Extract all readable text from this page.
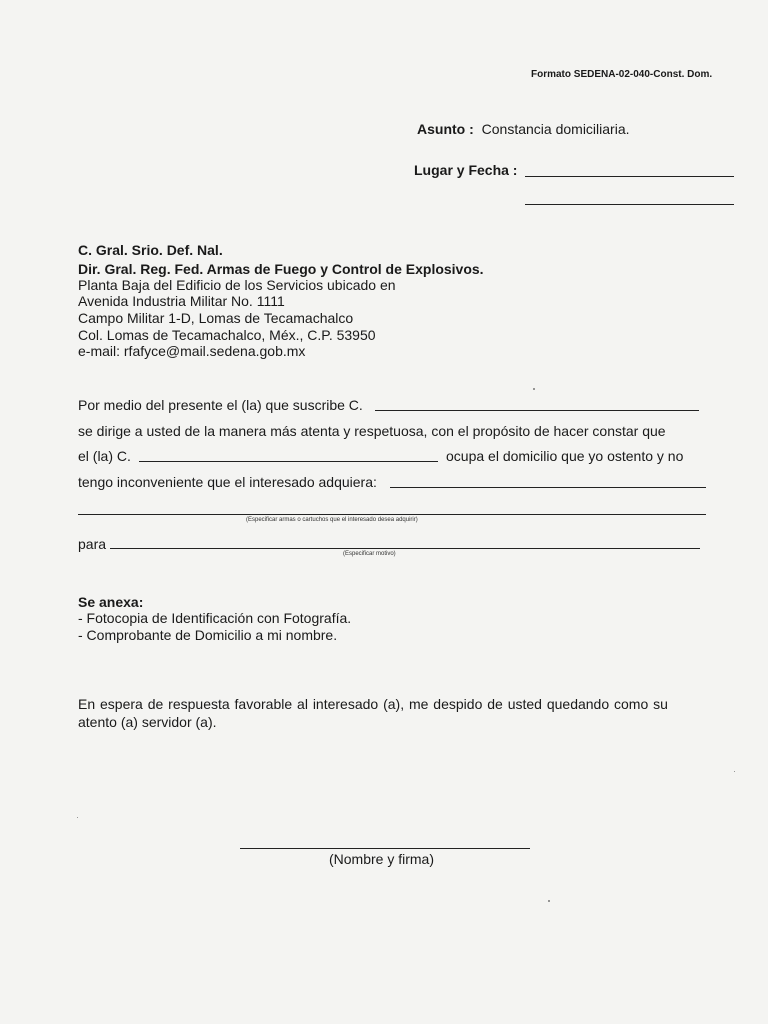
Formato SEDENA-02-040-Const. Dom.
Asunto : Constancia domiciliaria.
Lugar y Fecha :
C. Gral. Srio. Def. Nal.
Dir. Gral. Reg. Fed. Armas de Fuego y Control de Explosivos.
Planta Baja del Edificio de los Servicios ubicado en
Avenida Industria Militar No. 1111
Campo Militar 1-D, Lomas de Tecamachalco
Col. Lomas de Tecamachalco, Méx., C.P. 53950
e-mail: rfafyce@mail.sedena.gob.mx
Por medio del presente el (la) que suscribe C.
se dirige a usted de la manera más atenta y respetuosa, con el propósito de hacer constar que
el (la) C.	ocupa el domicilio que yo ostento y no
tengo inconveniente que el interesado adquiera:
(Especificar armas o cartuchos que el interesado desea adquirir)
para
(Especificar motivo)
Se anexa:
- Fotocopia de Identificación con Fotografía.
- Comprobante de Domicilio a mi nombre.
En espera de respuesta favorable al interesado (a), me despido de usted quedando como su
atento (a) servidor (a).
(Nombre y firma)
